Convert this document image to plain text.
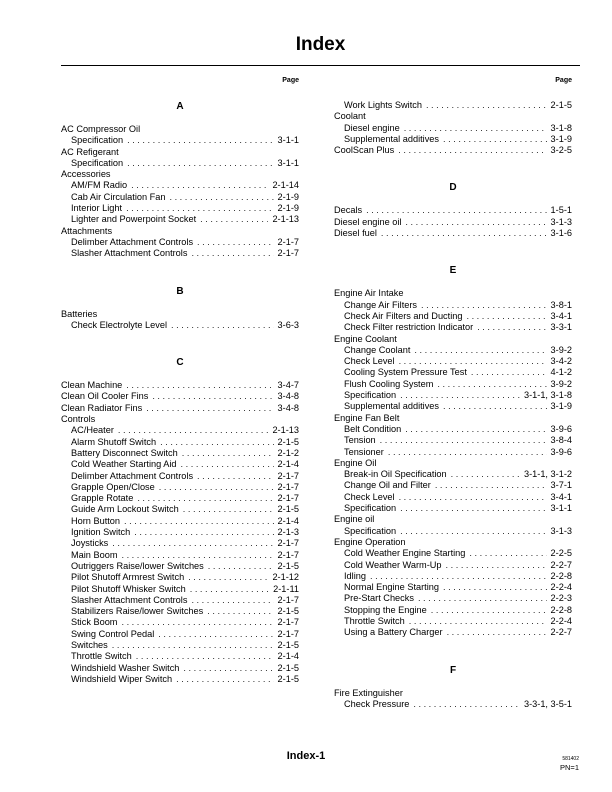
Index
Page
A
AC Compressor Oil
Specification . . .	3-1-1
AC Refigerant
Specification . . .	3-1-1
Accessories
AM/FM Radio . . .	2-1-14
Cab Air Circulation Fan . . .	2-1-9
Interior Light . . .	2-1-9
Lighter and Powerpoint Socket . . .	2-1-13
Attachments
Delimber Attachment Controls . . .	2-1-7
Slasher Attachment Controls . . .	2-1-7
B
Batteries
Check Electrolyte Level . . .	3-6-3
C
Clean Machine . . .	3-4-7
Clean Oil Cooler Fins . . .	3-4-8
Clean Radiator Fins . . .	3-4-8
Controls
AC/Heater . . .	2-1-13
Alarm Shutoff Switch . . .	2-1-5
Battery Disconnect Switch . . .	2-1-2
Cold Weather Starting Aid . . .	2-1-4
Delimber Attachment Controls . . .	2-1-7
Grapple Open/Close . . .	2-1-7
Grapple Rotate . . .	2-1-7
Guide Arm Lockout Switch . . .	2-1-5
Horn Button . . .	2-1-4
Ignition Switch . . .	2-1-3
Joysticks . . .	2-1-7
Main Boom . . .	2-1-7
Outriggers Raise/lower Switches . . .	2-1-5
Pilot Shutoff Armrest Switch . . .	2-1-12
Pilot Shutoff Whisker Switch . . .	2-1-11
Slasher Attachment Controls . . .	2-1-7
Stabilizers Raise/lower Switches . . .	2-1-5
Stick Boom . . .	2-1-7
Swing Control Pedal . . .	2-1-7
Switches . . .	2-1-5
Throttle Switch . . .	2-1-4
Windshield Washer Switch . . .	2-1-5
Windshield Wiper Switch . . .	2-1-5
Page
Work Lights Switch . . .	2-1-5
Coolant
Diesel engine . . .	3-1-8
Supplemental additives . . .	3-1-9
CoolScan Plus . . .	3-2-5
D
Decals . . .	1-5-1
Diesel engine oil . . .	3-1-3
Diesel fuel . . .	3-1-6
E
Engine Air Intake
Change Air Filters . . .	3-8-1
Check Air Filters and Ducting . . .	3-4-1
Check Filter restriction Indicator . . .	3-3-1
Engine Coolant
Change Coolant . . .	3-9-2
Check Level . . .	3-4-2
Cooling System Pressure Test . . .	4-1-2
Flush Cooling System . . .	3-9-2
Specification . . .	3-1-1, 3-1-8
Supplemental additives . . .	3-1-9
Engine Fan Belt
Belt Condition . . .	3-9-6
Tension . . .	3-8-4
Tensioner . . .	3-9-6
Engine Oil
Break-in Oil Specification . . .	3-1-1, 3-1-2
Change Oil and Filter . . .	3-7-1
Check Level . . .	3-4-1
Specification . . .	3-1-1
Engine oil
Specification . . .	3-1-3
Engine Operation
Cold Weather Engine Starting . . .	2-2-5
Cold Weather Warm-Up . . .	2-2-7
Idling . . .	2-2-8
Normal Engine Starting . . .	2-2-4
Pre-Start Checks . . .	2-2-3
Stopping the Engine . . .	2-2-8
Throttle Switch . . .	2-2-4
Using a Battery Charger . . .	2-2-7
F
Fire Extinguisher
Check Pressure . . .	3-3-1, 3-5-1
Index-1	581402
PN=1
